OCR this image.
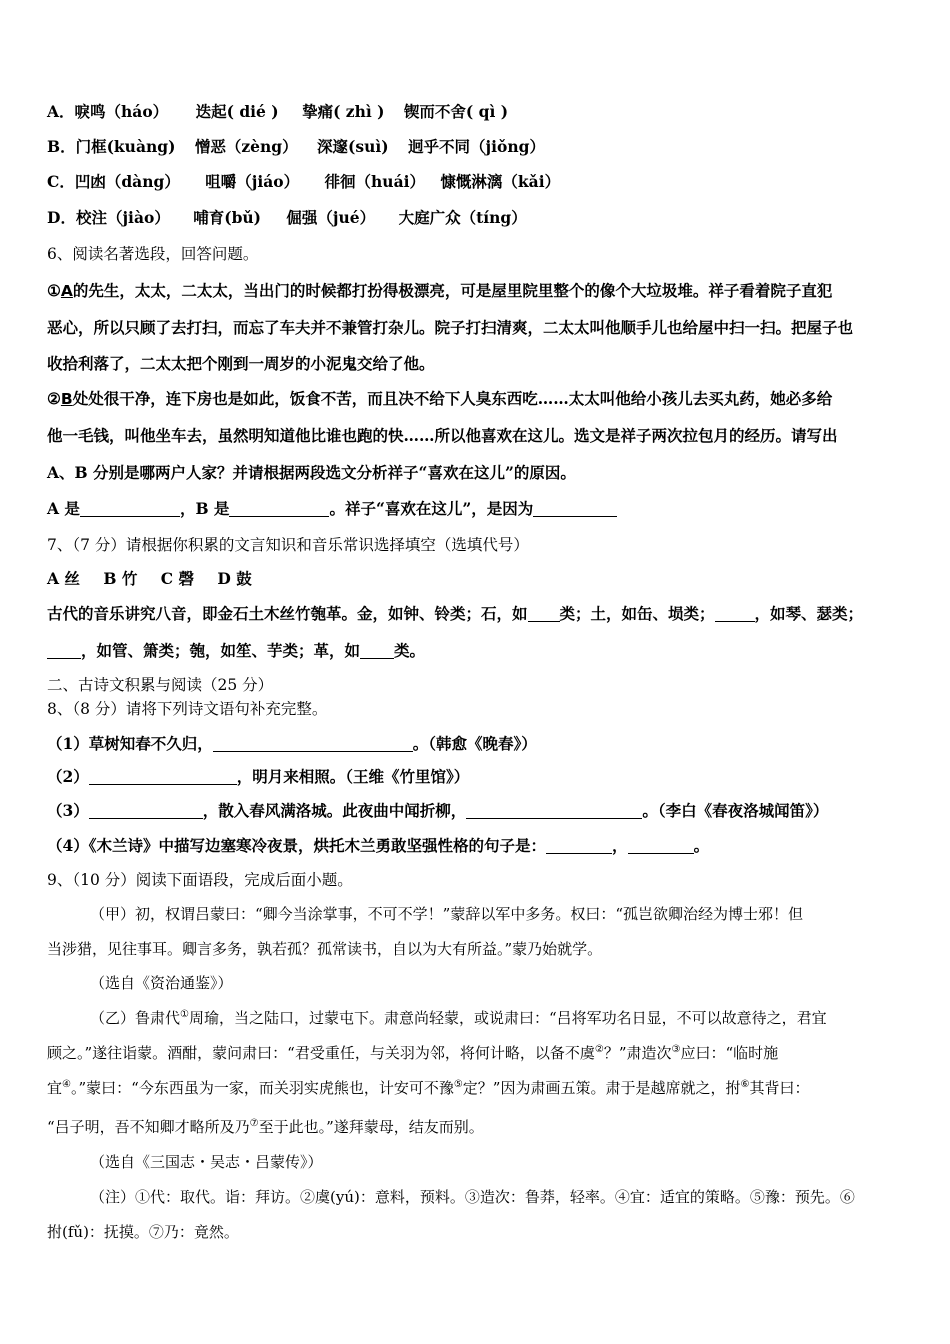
A．唳鸣（háo） 迭起( dié ) 挚痛( zhì ) 锲而不舍( qì )
B．门框(kuàng) 憎恶（zèng） 深邃(suì) 迥乎不同（jiǒng）
C．凹凼（dàng） 咀嚼（jiáo） 徘徊（huái） 慷慨淋漓（kǎi）
D．校注（jiào） 哺育(bǔ) 倔强（jué） 大庭广众（tíng）
6、阅读名著选段，回答问题。
①A的先生，太太，二太太，当出门的时候都打扮得极漂亮，可是屋里院里整个的像个大垃圾堆。祥子看着院子直犯
恶心，所以只顾了去打扫，而忘了车夫并不兼管打杂儿。院子打扫清爽，二太太叫他顺手儿也给屋中扫一扫。把屋子也
收拾利落了，二太太把个刚到一周岁的小泥鬼交给了他。
②B处处很干净，连下房也是如此，饭食不苦，而且决不给下人臭东西吃……太太叫他给小孩儿去买丸药，她必多给
他一毛钱，叫他坐车去，虽然明知道他比谁也跑的快……所以他喜欢在这儿。选文是祥子两次拉包月的经历。请写出
A、B 分别是哪两户人家？并请根据两段选文分析祥子“喜欢在这儿”的原因。
A 是	，B 是	。祥子“喜欢在这儿”，是因为
7、（7 分）请根据你积累的文言知识和音乐常识选择填空（选填代号）
A 丝 B 竹 C 磬 D 鼓
古代的音乐讲究八音，即金石土木丝竹匏革。金，如钟、铃类；石，如 类；土，如缶、埙类；	，如琴、瑟类；
，如管、箫类；匏，如笙、芋类；革，如 类。
二、古诗文积累与阅读（25 分）
8、（8 分）请将下列诗文语句补充完整。
（1）草树知春不久归，	。（韩愈《晚春》）
（2）	，明月来相照。（王维《竹里馆》）
（3）	，散入春风满洛城。此夜曲中闻折柳，	。（李白《春夜洛城闻笛》）
（4）《木兰诗》中描写边塞寒冷夜景，烘托木兰勇敢坚强性格的句子是：	，	。
9、（10 分）阅读下面语段，完成后面小题。
（甲）初，权谓吕蒙曰：“卿今当涂掌事，不可不学！”蒙辞以军中多务。权曰：“孤岂欲卿治经为博士邪！但
当涉猎，见往事耳。卿言多务，孰若孤？孤常读书，自以为大有所益。”蒙乃始就学。
（选自《资治通鉴》）
（乙）鲁肃代①周瑜，当之陆口，过蒙屯下。肃意尚轻蒙，或说肃曰：“吕将军功名日显，不可以故意待之，君宜
顾之。”遂往诣蒙。酒酣，蒙问肃曰：“君受重任，与关羽为邻，将何计略，以备不虞②？”肃造次③应曰：“临时施
宜④。”蒙曰：“今东西虽为一家，而关羽实虎熊也，计安可不豫⑤定？”因为肃画五策。肃于是越席就之，拊⑥其背曰：
“吕子明，吾不知卿才略所及乃⑦至于此也。”遂拜蒙母，结友而别。
（选自《三国志・吴志・吕蒙传》）
（注）①代：取代。诣：拜访。②虞(yú)：意料，预料。③造次：鲁莽，轻率。④宜：适宜的策略。⑤豫：预先。⑥
拊(fǔ)：抚摸。⑦乃：竟然。
